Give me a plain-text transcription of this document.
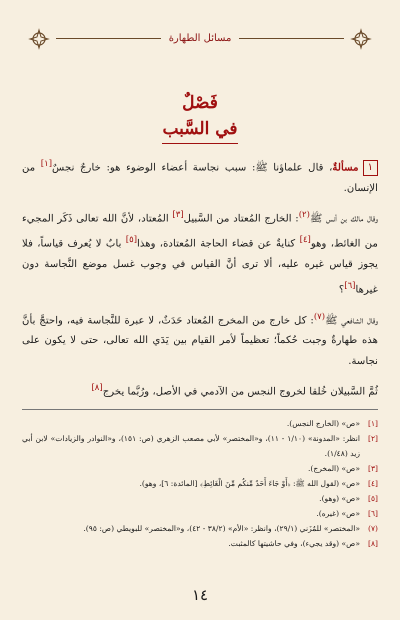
مسائل الطهارة
فَصْلٌ
في السَّبب

١مسألةٌ، قال علماؤنا ﷺ: سبب نجاسة أعضاء الوضوء هو: خارجٌ نجسٌ[١] من الإنسان.

وقال مالك بن أنس ﷺ$^{(٢)}$: الخارج المُعتاد من السَّبيل[٣] المُعتاد، لأنَّ الله تعالى ذَكَر المجيء من الغائط، وهو[٤] كنايةٌ عن قضاء الحاجة المُعتادة، وهذا[٥] بابٌ لا يُعرف قياساً، فلا يجوز قياس غيره عليه، ألا ترى أنَّ القياس في وجوب غسل موضع النَّجاسة دون غيرها[٦]؟

وقال الشافعي ﷺ$^{(٧)}$: كل خارج من المخرج المُعتاد حَدَثٌ، لا عبرة للنَّجاسة فيه، واحتجَّ بأنَّ هذه طهارةٌ وجبت حُكماً؛ تعظيماً لأمر القيام بين يَدَي الله تعالى، حتى لا يكون على نجاسة.

ثُمَّ السَّبيلان خُلقا لخروج النجس من الآدمي في الأصل، ورُبَّما يخرج[٨]

[١]
«ص» (الخارج النجس).
[٢]
انظر: «المدونة» (١/١٠ - ١١)، و«المختصر» لأبي مصعب الزهري (ص: ١٥١)، و«النوادر والزيادات» لابن أبي زيد (١/٤٨).
[٣]
«ص» (المخرج).
[٤]
«ص» (لقول الله ﷺ: ﴿أَوْ جَاءَ أَحَدٌ مِّنكُم مِّنَ الْغَائِطِ﴾ [المائدة: ٦]، وهو).
[٥]
«ص» (وهو).
[٦]
«ص» (غيره).
(٧)
«المختصر» للمُزَني (٢٩/١)، وانظر: «الأم» (٣٨/٢ - ٤٢)، و«المختصر» للبويطي (ص: ٩٥).
[٨]
«ص» (وقد يجيء)، وفي حاشيتها كالمثبت.
١٤
